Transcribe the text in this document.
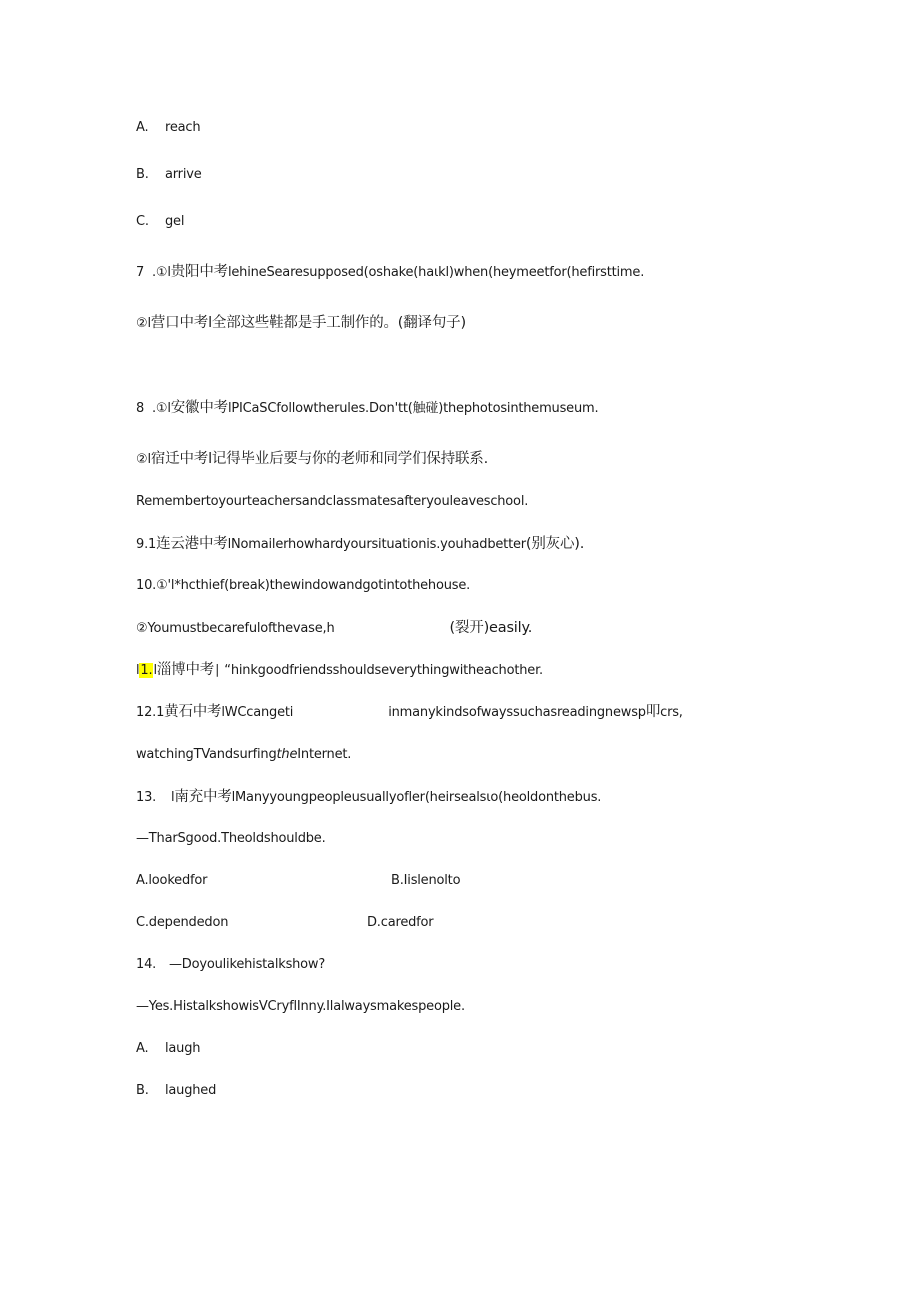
A. reach
B. arrive
C. gel
7  .①l贵阳中考lehineSearesupposed(oshake(haιkl)when(heymeetfor(hefirsttime.
②l营口中考l全部这些鞋都是手工制作的。(翻译句子)
8  .①l安徽中考lPICaSCfollowtherules.Don'tt(触碰)thephotosinthemuseum.
②l宿迁中考l记得毕业后要与你的老师和同学们保持联系.
Remembertoyourteachersandclassmatesafteryouleaveschool.
9.1连云港中考lNomailerhowhardyoursituationis.youhadbetter(别灰心).
10.①'l*hcthief(break)thewindowandgotintothehouse.
②Youmustbecarefulofthevase,h	(裂开)easily.
l1.l淄博中考∣ “hinkgoodfriendsshouldseverythingwitheachother.
12.1黄石中考lWCcangeti	inmanykindsofwayssuchasreadingnewsp叩crs,
watchingTVandsurfingtheInternet.
13. l南充中考lManyyoungpeopleusuallyofler(heirsealsιo(heoldonthebus.
—TharSgood.Theoldshouldbe.
A.lookedfor	B.Iislenolto
C.dependedon	D.caredfor
14. —Doyoulikehistalkshow?
—Yes.HistalkshowisVCryflInny.Ilalwaysmakespeople.
A. laugh
B. laughed
